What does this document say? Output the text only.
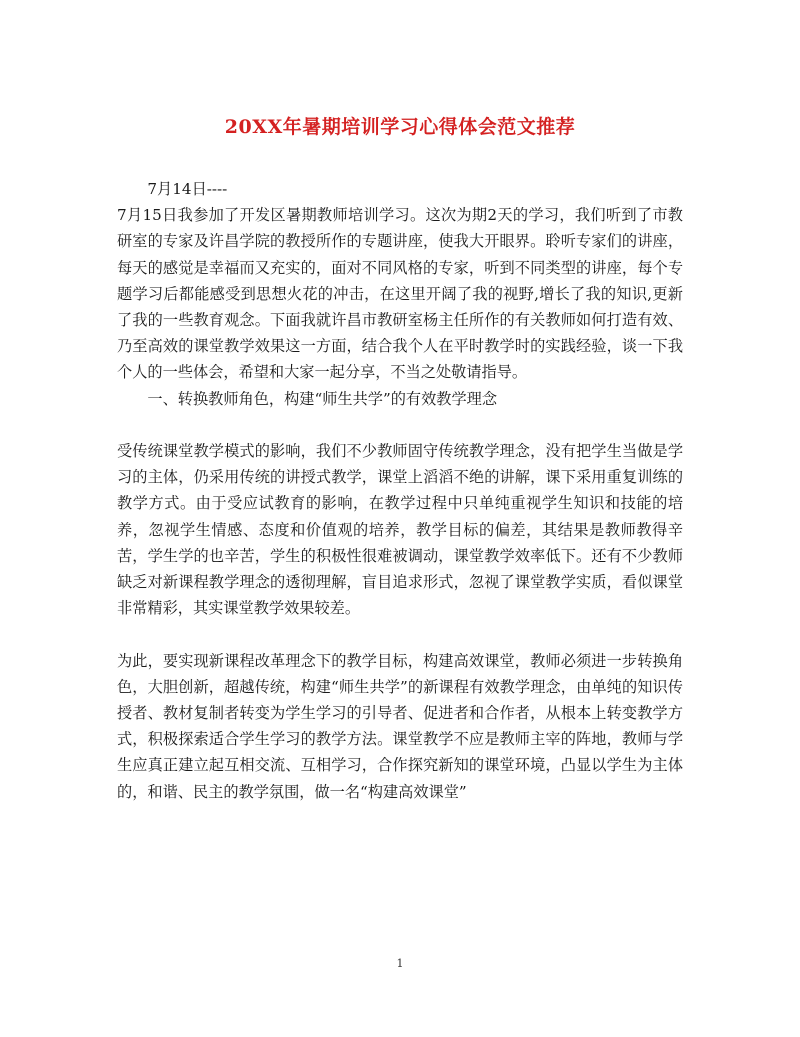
20XX年暑期培训学习心得体会范文推荐

7月14日----

7月15日我参加了开发区暑期教师培训学习。这次为期2天的学习，我们听到了市教研室的专家及许昌学院的教授所作的专题讲座，使我大开眼界。聆听专家们的讲座，每天的感觉是幸福而又充实的，面对不同风格的专家，听到不同类型的讲座，每个专题学习后都能感受到思想火花的冲击，在这里开阔了我的视野,增长了我的知识,更新了我的一些教育观念。下面我就许昌市教研室杨主任所作的有关教师如何打造有效、乃至高效的课堂教学效果这一方面，结合我个人在平时教学时的实践经验，谈一下我个人的一些体会，希望和大家一起分享，不当之处敬请指导。

一、转换教师角色，构建“师生共学”的有效教学理念

受传统课堂教学模式的影响，我们不少教师固守传统教学理念，没有把学生当做是学习的主体，仍采用传统的讲授式教学，课堂上滔滔不绝的讲解，课下采用重复训练的教学方式。由于受应试教育的影响，在教学过程中只单纯重视学生知识和技能的培养，忽视学生情感、态度和价值观的培养，教学目标的偏差，其结果是教师教得辛苦，学生学的也辛苦，学生的积极性很难被调动，课堂教学效率低下。还有不少教师缺乏对新课程教学理念的透彻理解，盲目追求形式，忽视了课堂教学实质，看似课堂非常精彩，其实课堂教学效果较差。

为此，要实现新课程改革理念下的教学目标，构建高效课堂，教师必须进一步转换角色，大胆创新，超越传统，构建“师生共学”的新课程有效教学理念，由单纯的知识传授者、教材复制者转变为学生学习的引导者、促进者和合作者，从根本上转变教学方式，积极探索适合学生学习的教学方法。课堂教学不应是教师主宰的阵地，教师与学生应真正建立起互相交流、互相学习，合作探究新知的课堂环境，凸显以学生为主体的，和谐、民主的教学氛围，做一名“构建高效课堂”

1
